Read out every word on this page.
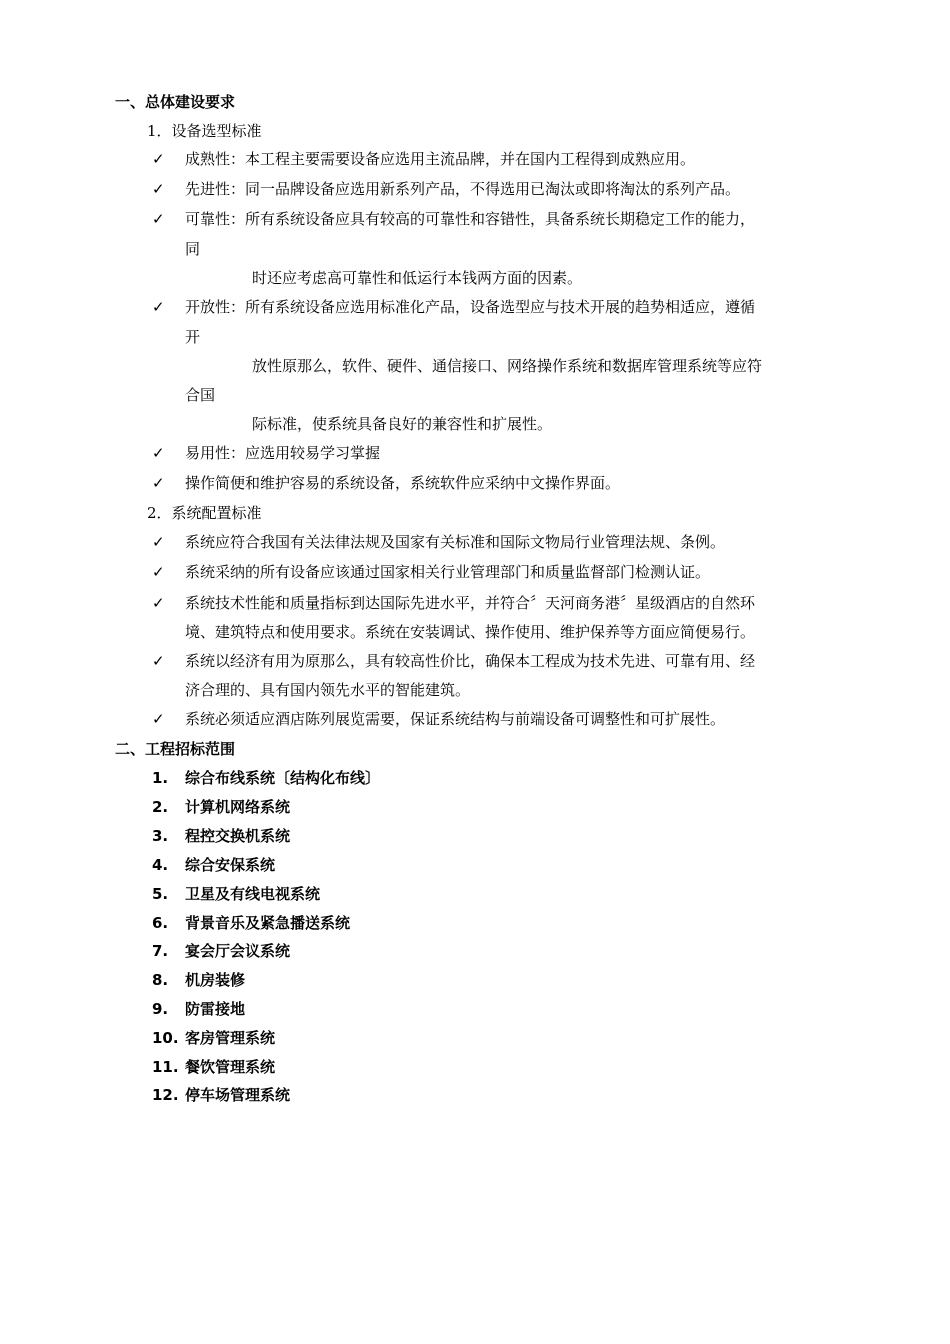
一、总体建设要求
1．设备选型标准
✓ 成熟性：本工程主要需要设备应选用主流品牌，并在国内工程得到成熟应用。
✓ 先进性：同一品牌设备应选用新系列产品，不得选用已淘汰或即将淘汰的系列产品。
✓ 可靠性：所有系统设备应具有较高的可靠性和容错性，具备系统长期稳定工作的能力，
同
时还应考虑高可靠性和低运行本钱两方面的因素。
✓ 开放性：所有系统设备应选用标准化产品，设备选型应与技术开展的趋势相适应，遵循
开
放性原那么，软件、硬件、通信接口、网络操作系统和数据库管理系统等应符
合国
际标准，使系统具备良好的兼容性和扩展性。
✓ 易用性：应选用较易学习掌握
✓ 操作简便和维护容易的系统设备，系统软件应采纳中文操作界面。
2．系统配置标准
✓ 系统应符合我国有关法律法规及国家有关标准和国际文物局行业管理法规、条例。
✓ 系统采纳的所有设备应该通过国家相关行业管理部门和质量监督部门检测认证。
✓ 系统技术性能和质量指标到达国际先进水平，并符合〞天河商务港〞星级酒店的自然环
境、建筑特点和使用要求。系统在安装调试、操作使用、维护保养等方面应简便易行。
✓ 系统以经济有用为原那么，具有较高性价比，确保本工程成为技术先进、可靠有用、经
济合理的、具有国内领先水平的智能建筑。
✓ 系统必须适应酒店陈列展览需要，保证系统结构与前端设备可调整性和可扩展性。
二、工程招标范围
1. 综合布线系统〔结构化布线〕
2. 计算机网络系统
3. 程控交换机系统
4. 综合安保系统
5. 卫星及有线电视系统
6. 背景音乐及紧急播送系统
7. 宴会厅会议系统
8. 机房装修
9. 防雷接地
10. 客房管理系统
11. 餐饮管理系统
12. 停车场管理系统
